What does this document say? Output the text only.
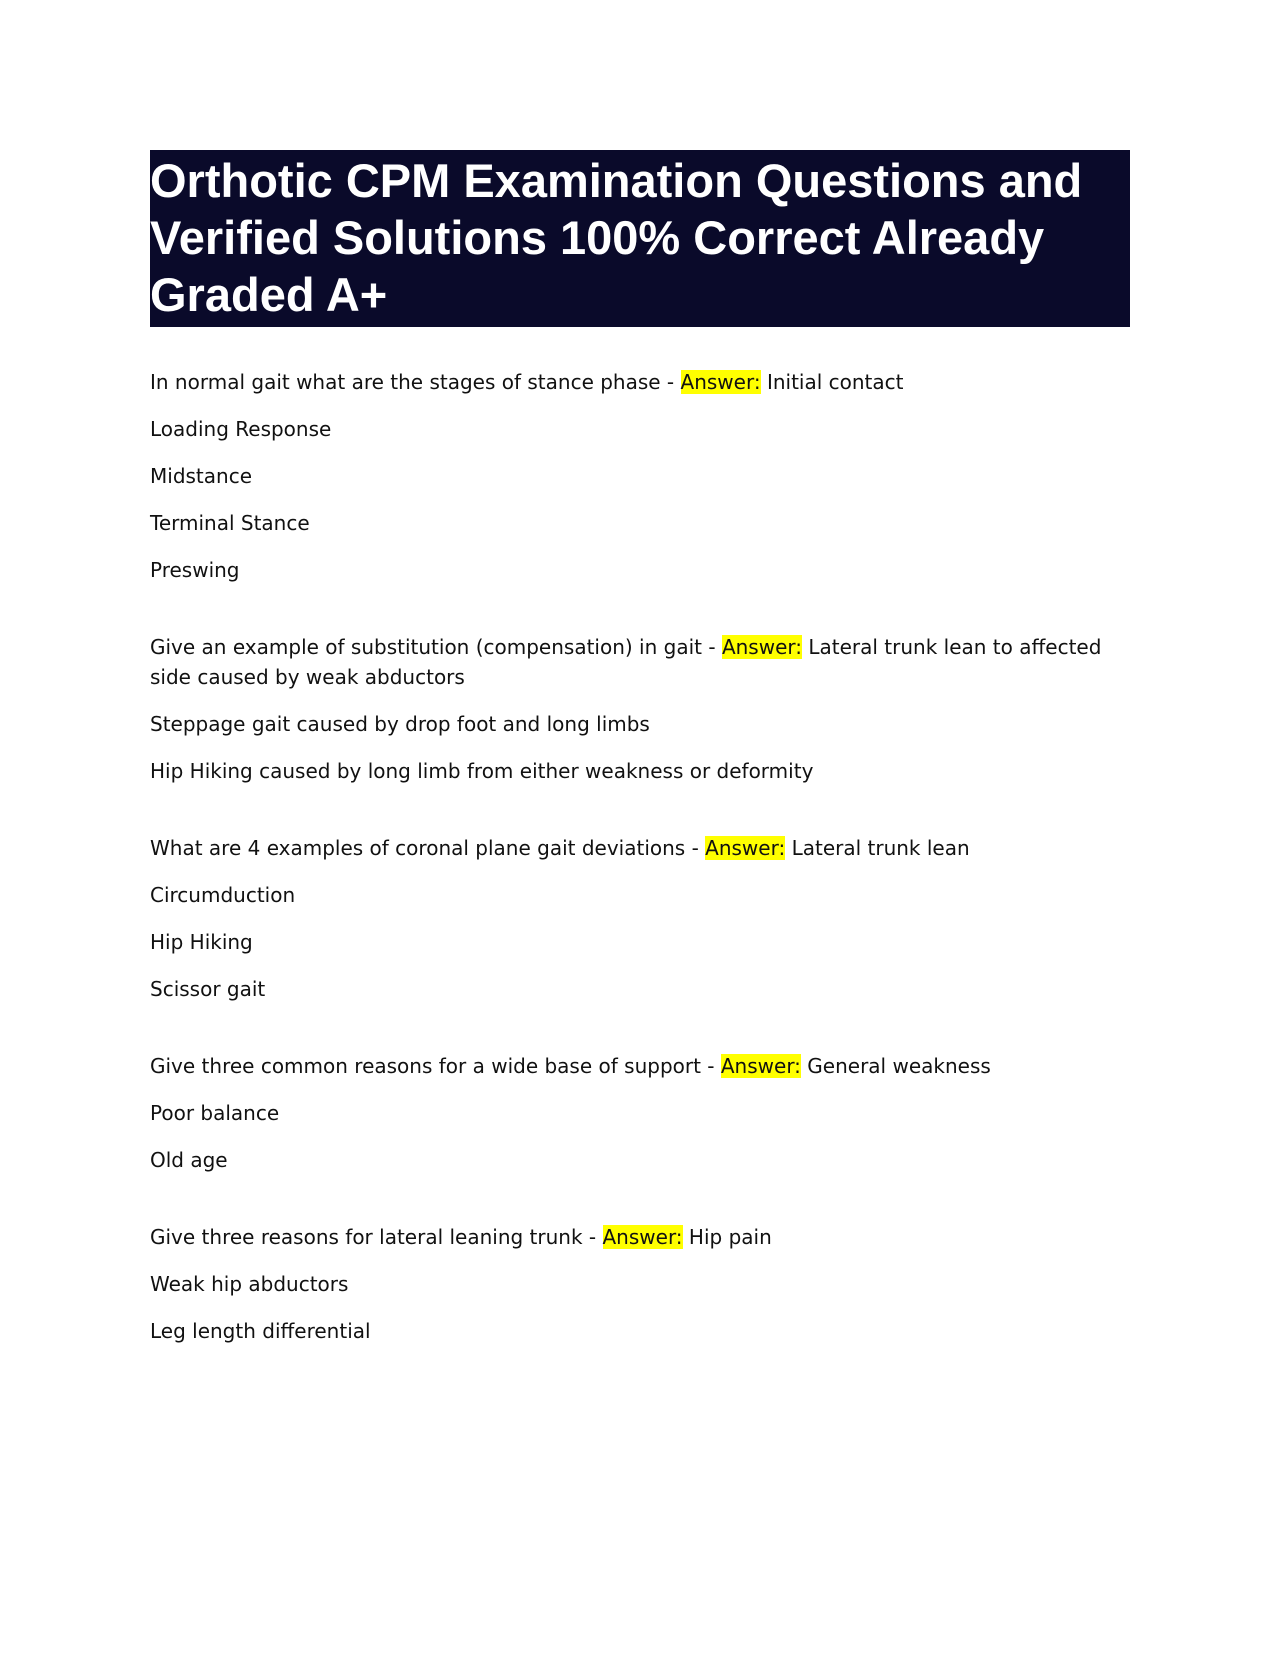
Orthotic CPM Examination Questions and Verified Solutions 100% Correct Already Graded A+

In normal gait what are the stages of stance phase - Answer: Initial contact

Loading Response

Midstance

Terminal Stance

Preswing

Give an example of substitution (compensation) in gait - Answer: Lateral trunk lean to affected side caused by weak abductors

Steppage gait caused by drop foot and long limbs

Hip Hiking caused by long limb from either weakness or deformity

What are 4 examples of coronal plane gait deviations - Answer: Lateral trunk lean

Circumduction

Hip Hiking

Scissor gait

Give three common reasons for a wide base of support - Answer: General weakness

Poor balance

Old age

Give three reasons for lateral leaning trunk - Answer: Hip pain

Weak hip abductors

Leg length differential
